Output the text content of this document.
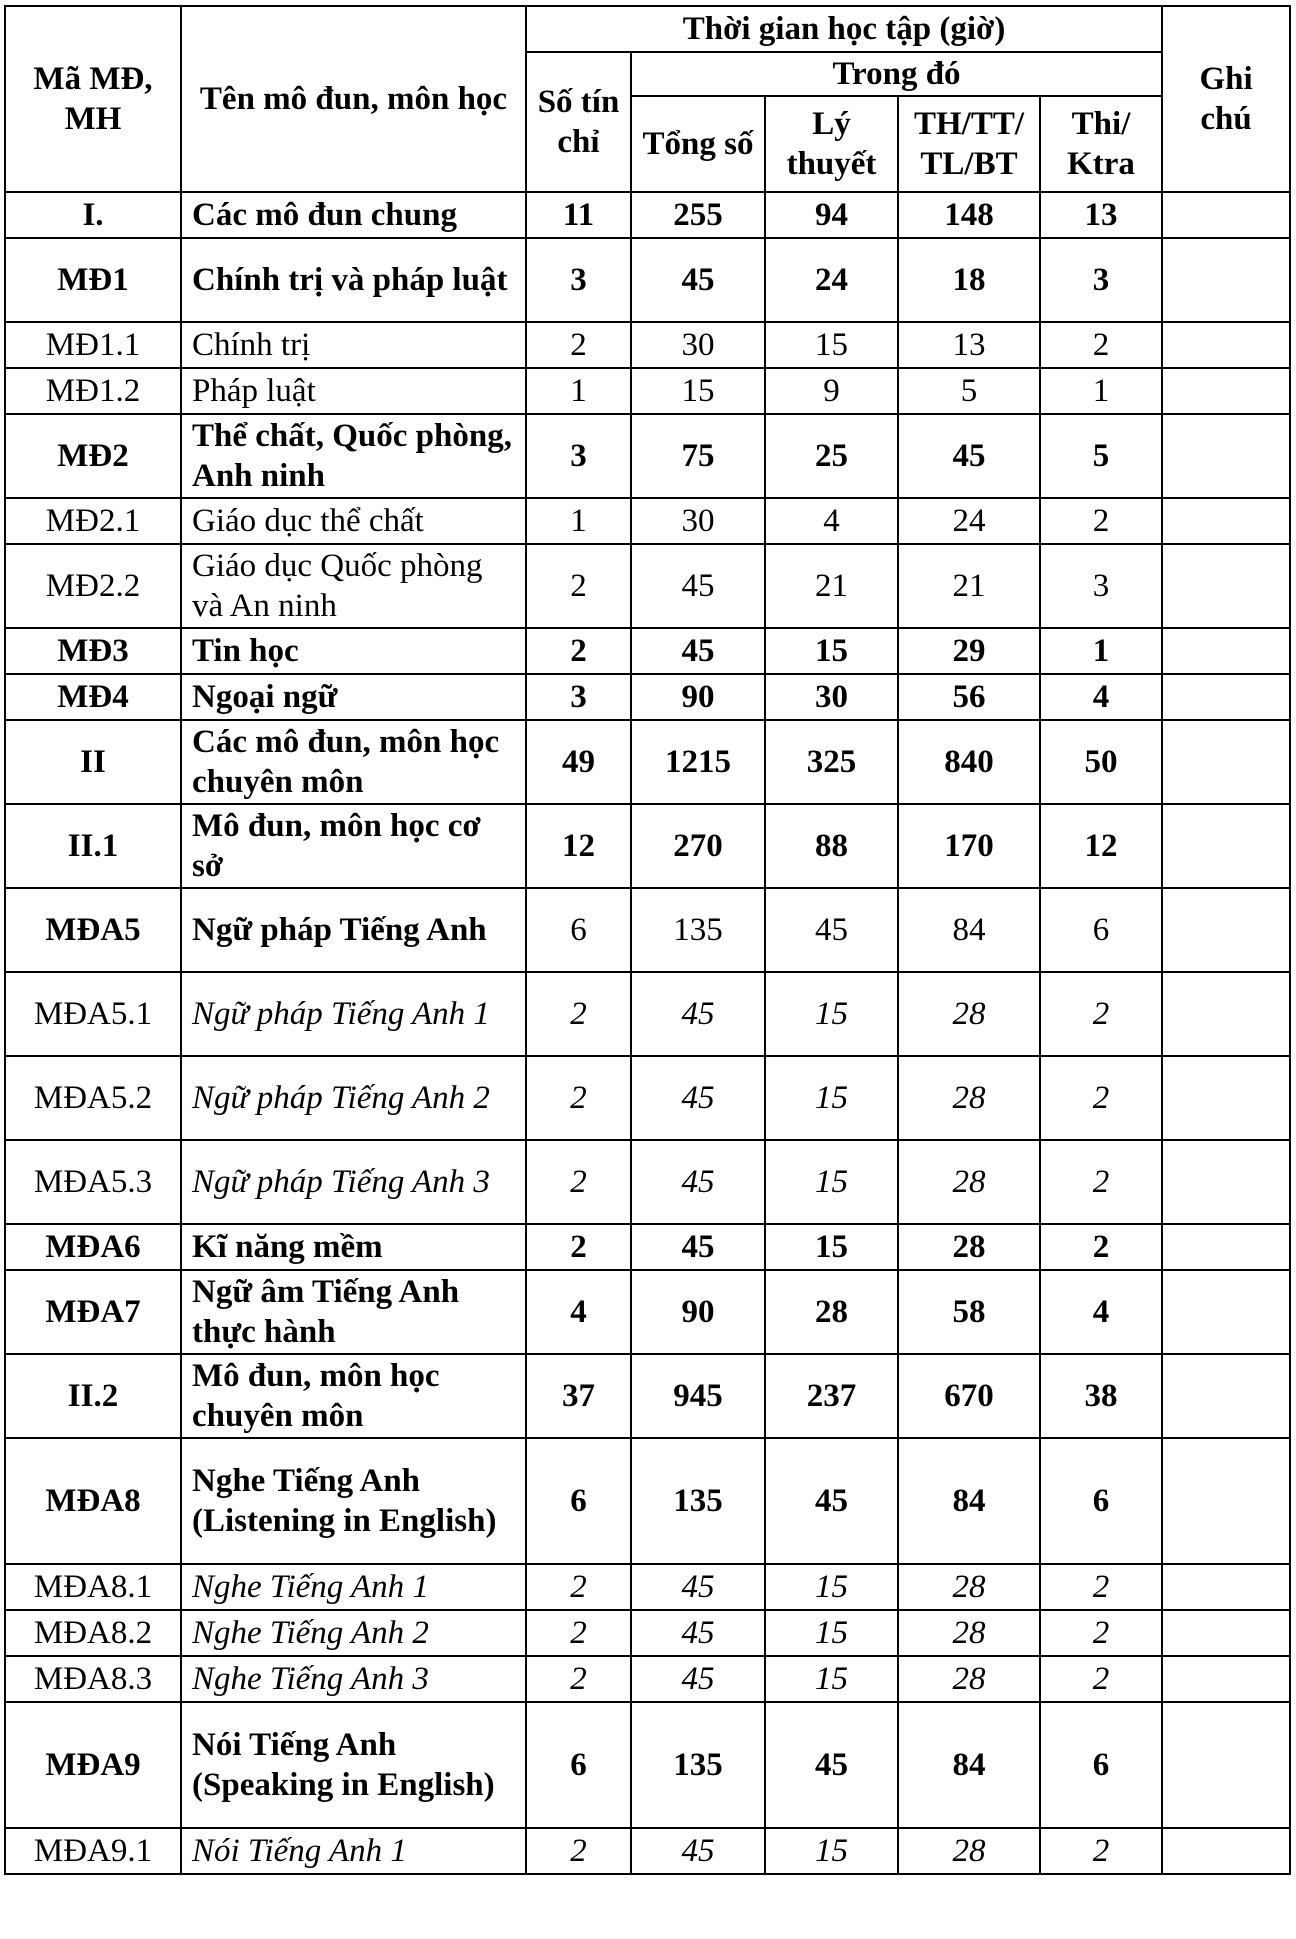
Mã MĐ, MH	Tên mô đun, môn học	Thời gian học tập (giờ)					Ghi chú
		Số tín chỉ	Trong đó				
			Tổng số	Lý thuyết	TH/TT/ TL/BT	Thi/ Ktra	
I.	Các mô đun chung	11	255	94	148	13	
MĐ1	Chính trị và pháp luật	3	45	24	18	3	
MĐ1.1	Chính trị	2	30	15	13	2	
MĐ1.2	Pháp luật	1	15	9	5	1	
MĐ2	Thể chất, Quốc phòng, Anh ninh	3	75	25	45	5	
MĐ2.1	Giáo dục thể chất	1	30	4	24	2	
MĐ2.2	Giáo dục Quốc phòng và An ninh	2	45	21	21	3	
MĐ3	Tin học	2	45	15	29	1	
MĐ4	Ngoại ngữ	3	90	30	56	4	
II	Các mô đun, môn học chuyên môn	49	1215	325	840	50	
II.1	Mô đun, môn học cơ sở	12	270	88	170	12	
MĐA5	Ngữ pháp Tiếng Anh	6	135	45	84	6	
MĐA5.1	Ngữ pháp Tiếng Anh 1	2	45	15	28	2	
MĐA5.2	Ngữ pháp Tiếng Anh 2	2	45	15	28	2	
MĐA5.3	Ngữ pháp Tiếng Anh 3	2	45	15	28	2	
MĐA6	Kĩ năng mềm	2	45	15	28	2	
MĐA7	Ngữ âm Tiếng Anh thực hành	4	90	28	58	4	
II.2	Mô đun, môn học chuyên môn	37	945	237	670	38	
MĐA8	Nghe Tiếng Anh (Listening in English)	6	135	45	84	6	
MĐA8.1	Nghe Tiếng Anh 1	2	45	15	28	2	
MĐA8.2	Nghe Tiếng Anh 2	2	45	15	28	2	
MĐA8.3	Nghe Tiếng Anh 3	2	45	15	28	2	
MĐA9	Nói Tiếng Anh (Speaking in English)	6	135	45	84	6	
MĐA9.1	Nói Tiếng Anh 1	2	45	15	28	2	
